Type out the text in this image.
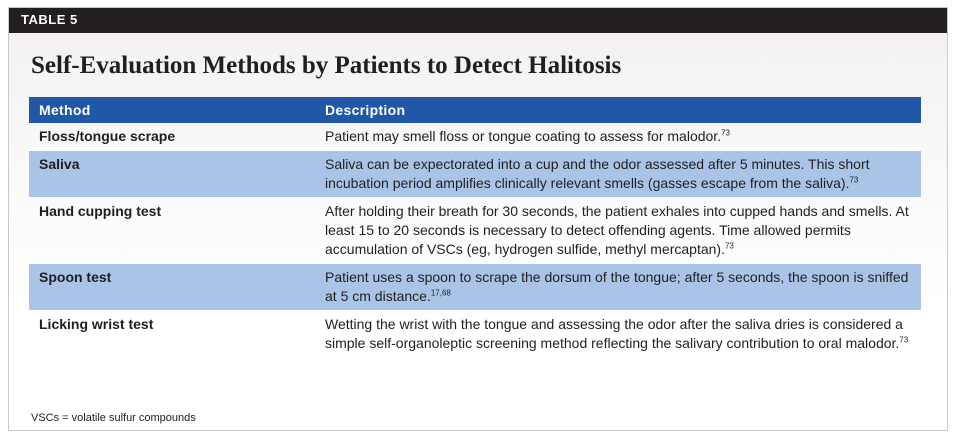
TABLE 5
Self-Evaluation Methods by Patients to Detect Halitosis
Method	Description
Floss/tongue scrape	Patient may smell floss or tongue coating to assess for malodor.$^{73}$
Saliva	Saliva can be expectorated into a cup and the odor assessed after 5 minutes. This short incubation period amplifies clinically relevant smells (gasses escape from the saliva).$^{73}$
Hand cupping test	After holding their breath for 30 seconds, the patient exhales into cupped hands and smells. At least 15 to 20 seconds is necessary to detect offending agents. Time allowed permits accumulation of VSCs (eg, hydrogen sulfide, methyl mercaptan).$^{73}$
Spoon test	Patient uses a spoon to scrape the dorsum of the tongue; after 5 seconds, the spoon is sniffed at 5 cm distance.$^{17,68}$
Licking wrist test	Wetting the wrist with the tongue and assessing the odor after the saliva dries is considered a simple self-organoleptic screening method reflecting the salivary contribution to oral malodor.$^{73}$
VSCs = volatile sulfur compounds
